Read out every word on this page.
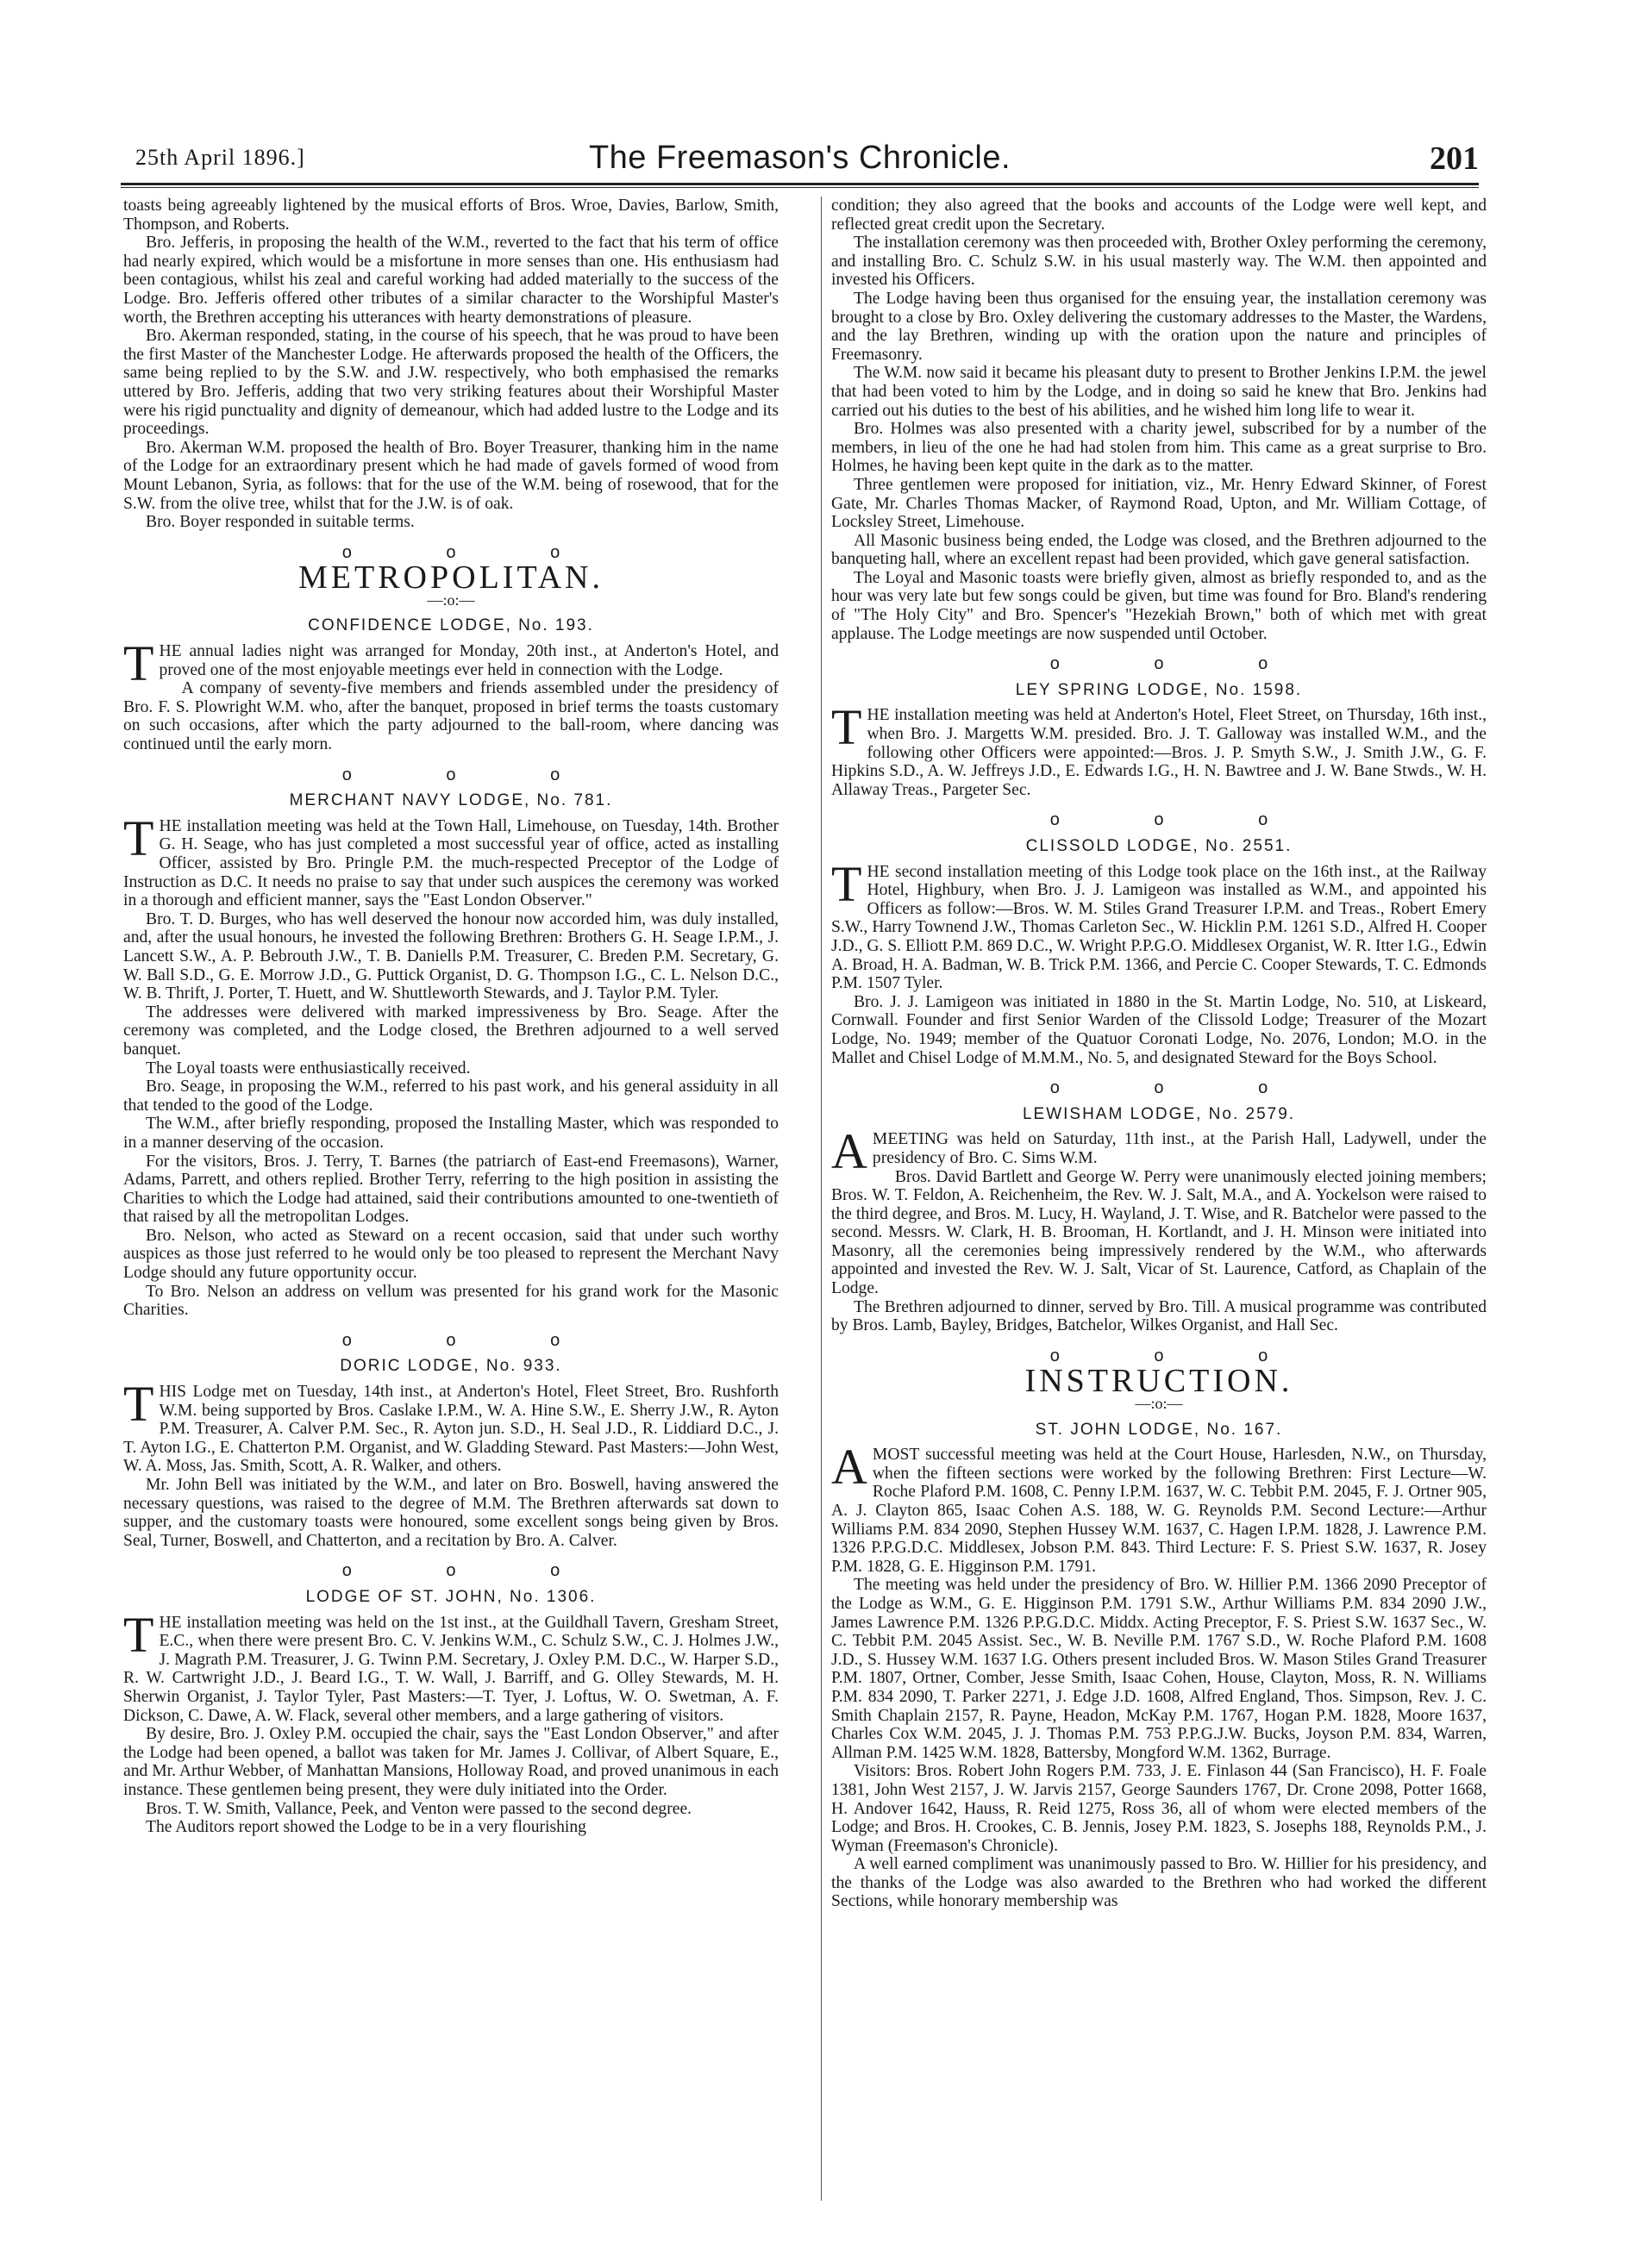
25th April 1896.]	The Freemason's Chronicle.	201

toasts being agreeably lightened by the musical efforts of Bros. Wroe, Davies, Barlow, Smith, Thompson, and Roberts.

Bro. Jefferis, in proposing the health of the W.M., reverted to the fact that his term of office had nearly expired, which would be a misfortune in more senses than one. His enthusiasm had been contagious, whilst his zeal and careful working had added materially to the success of the Lodge. Bro. Jefferis offered other tributes of a similar character to the Worshipful Master's worth, the Brethren accepting his utterances with hearty demonstrations of pleasure.

Bro. Akerman responded, stating, in the course of his speech, that he was proud to have been the first Master of the Manchester Lodge. He afterwards proposed the health of the Officers, the same being replied to by the S.W. and J.W. respectively, who both emphasised the remarks uttered by Bro. Jefferis, adding that two very striking features about their Worshipful Master were his rigid punctuality and dignity of demeanour, which had added lustre to the Lodge and its proceedings.

Bro. Akerman W.M. proposed the health of Bro. Boyer Treasurer, thanking him in the name of the Lodge for an extraordinary present which he had made of gavels formed of wood from Mount Lebanon, Syria, as follows: that for the use of the W.M. being of rosewood, that for the S.W. from the olive tree, whilst that for the J.W. is of oak.

Bro. Boyer responded in suitable terms.

o o o
METROPOLITAN.
—:o:—
CONFIDENCE LODGE, No. 193.

THE annual ladies night was arranged for Monday, 20th inst., at Anderton's Hotel, and proved one of the most enjoyable meetings ever held in connection with the Lodge.

A company of seventy-five members and friends assembled under the presidency of Bro. F. S. Plowright W.M. who, after the banquet, proposed in brief terms the toasts customary on such occasions, after which the party adjourned to the ball-room, where dancing was continued until the early morn.

o o o
MERCHANT NAVY LODGE, No. 781.

THE installation meeting was held at the Town Hall, Limehouse, on Tuesday, 14th. Brother G. H. Seage, who has just completed a most successful year of office, acted as installing Officer, assisted by Bro. Pringle P.M. the much-respected Preceptor of the Lodge of Instruction as D.C. It needs no praise to say that under such auspices the ceremony was worked in a thorough and efficient manner, says the "East London Observer."

Bro. T. D. Burges, who has well deserved the honour now accorded him, was duly installed, and, after the usual honours, he invested the following Brethren: Brothers G. H. Seage I.P.M., J. Lancett S.W., A. P. Bebrouth J.W., T. B. Daniells P.M. Treasurer, C. Breden P.M. Secretary, G. W. Ball S.D., G. E. Morrow J.D., G. Puttick Organist, D. G. Thompson I.G., C. L. Nelson D.C., W. B. Thrift, J. Porter, T. Huett, and W. Shuttleworth Stewards, and J. Taylor P.M. Tyler.

The addresses were delivered with marked impressiveness by Bro. Seage. After the ceremony was completed, and the Lodge closed, the Brethren adjourned to a well served banquet.

The Loyal toasts were enthusiastically received.

Bro. Seage, in proposing the W.M., referred to his past work, and his general assiduity in all that tended to the good of the Lodge.

The W.M., after briefly responding, proposed the Installing Master, which was responded to in a manner deserving of the occasion.

For the visitors, Bros. J. Terry, T. Barnes (the patriarch of East-end Freemasons), Warner, Adams, Parrett, and others replied. Brother Terry, referring to the high position in assisting the Charities to which the Lodge had attained, said their contributions amounted to one-twentieth of that raised by all the metropolitan Lodges.

Bro. Nelson, who acted as Steward on a recent occasion, said that under such worthy auspices as those just referred to he would only be too pleased to represent the Merchant Navy Lodge should any future opportunity occur.

To Bro. Nelson an address on vellum was presented for his grand work for the Masonic Charities.

o o o
DORIC LODGE, No. 933.

THIS Lodge met on Tuesday, 14th inst., at Anderton's Hotel, Fleet Street, Bro. Rushforth W.M. being supported by Bros. Caslake I.P.M., W. A. Hine S.W., E. Sherry J.W., R. Ayton P.M. Treasurer, A. Calver P.M. Sec., R. Ayton jun. S.D., H. Seal J.D., R. Liddiard D.C., J. T. Ayton I.G., E. Chatterton P.M. Organist, and W. Gladding Steward. Past Masters:—John West, W. A. Moss, Jas. Smith, Scott, A. R. Walker, and others.

Mr. John Bell was initiated by the W.M., and later on Bro. Boswell, having answered the necessary questions, was raised to the degree of M.M. The Brethren afterwards sat down to supper, and the customary toasts were honoured, some excellent songs being given by Bros. Seal, Turner, Boswell, and Chatterton, and a recitation by Bro. A. Calver.

o o o
LODGE OF ST. JOHN, No. 1306.

THE installation meeting was held on the 1st inst., at the Guildhall Tavern, Gresham Street, E.C., when there were present Bro. C. V. Jenkins W.M., C. Schulz S.W., C. J. Holmes J.W., J. Magrath P.M. Treasurer, J. G. Twinn P.M. Secretary, J. Oxley P.M. D.C., W. Harper S.D., R. W. Cartwright J.D., J. Beard I.G., T. W. Wall, J. Barriff, and G. Olley Stewards, M. H. Sherwin Organist, J. Taylor Tyler, Past Masters:—T. Tyer, J. Loftus, W. O. Swetman, A. F. Dickson, C. Dawe, A. W. Flack, several other members, and a large gathering of visitors.

By desire, Bro. J. Oxley P.M. occupied the chair, says the "East London Observer," and after the Lodge had been opened, a ballot was taken for Mr. James J. Collivar, of Albert Square, E., and Mr. Arthur Webber, of Manhattan Mansions, Holloway Road, and proved unanimous in each instance. These gentlemen being present, they were duly initiated into the Order.

Bros. T. W. Smith, Vallance, Peek, and Venton were passed to the second degree.

The Auditors report showed the Lodge to be in a very flourishing

condition; they also agreed that the books and accounts of the Lodge were well kept, and reflected great credit upon the Secretary.

The installation ceremony was then proceeded with, Brother Oxley performing the ceremony, and installing Bro. C. Schulz S.W. in his usual masterly way. The W.M. then appointed and invested his Officers.

The Lodge having been thus organised for the ensuing year, the installation ceremony was brought to a close by Bro. Oxley delivering the customary addresses to the Master, the Wardens, and the lay Brethren, winding up with the oration upon the nature and principles of Freemasonry.

The W.M. now said it became his pleasant duty to present to Brother Jenkins I.P.M. the jewel that had been voted to him by the Lodge, and in doing so said he knew that Bro. Jenkins had carried out his duties to the best of his abilities, and he wished him long life to wear it.

Bro. Holmes was also presented with a charity jewel, subscribed for by a number of the members, in lieu of the one he had had stolen from him. This came as a great surprise to Bro. Holmes, he having been kept quite in the dark as to the matter.

Three gentlemen were proposed for initiation, viz., Mr. Henry Edward Skinner, of Forest Gate, Mr. Charles Thomas Macker, of Raymond Road, Upton, and Mr. William Cottage, of Locksley Street, Limehouse.

All Masonic business being ended, the Lodge was closed, and the Brethren adjourned to the banqueting hall, where an excellent repast had been provided, which gave general satisfaction.

The Loyal and Masonic toasts were briefly given, almost as briefly responded to, and as the hour was very late but few songs could be given, but time was found for Bro. Bland's rendering of "The Holy City" and Bro. Spencer's "Hezekiah Brown," both of which met with great applause. The Lodge meetings are now suspended until October.

o o o
LEY SPRING LODGE, No. 1598.

THE installation meeting was held at Anderton's Hotel, Fleet Street, on Thursday, 16th inst., when Bro. J. Margetts W.M. presided. Bro. J. T. Galloway was installed W.M., and the following other Officers were appointed:—Bros. J. P. Smyth S.W., J. Smith J.W., G. F. Hipkins S.D., A. W. Jeffreys J.D., E. Edwards I.G., H. N. Bawtree and J. W. Bane Stwds., W. H. Allaway Treas., Pargeter Sec.

o o o
CLISSOLD LODGE, No. 2551.

THE second installation meeting of this Lodge took place on the 16th inst., at the Railway Hotel, Highbury, when Bro. J. J. Lamigeon was installed as W.M., and appointed his Officers as follow:—Bros. W. M. Stiles Grand Treasurer I.P.M. and Treas., Robert Emery S.W., Harry Townend J.W., Thomas Carleton Sec., W. Hicklin P.M. 1261 S.D., Alfred H. Cooper J.D., G. S. Elliott P.M. 869 D.C., W. Wright P.P.G.O. Middlesex Organist, W. R. Itter I.G., Edwin A. Broad, H. A. Badman, W. B. Trick P.M. 1366, and Percie C. Cooper Stewards, T. C. Edmonds P.M. 1507 Tyler.

Bro. J. J. Lamigeon was initiated in 1880 in the St. Martin Lodge, No. 510, at Liskeard, Cornwall. Founder and first Senior Warden of the Clissold Lodge; Treasurer of the Mozart Lodge, No. 1949; member of the Quatuor Coronati Lodge, No. 2076, London; M.O. in the Mallet and Chisel Lodge of M.M.M., No. 5, and designated Steward for the Boys School.

o o o
LEWISHAM LODGE, No. 2579.

AMEETING was held on Saturday, 11th inst., at the Parish Hall, Ladywell, under the presidency of Bro. C. Sims W.M.

Bros. David Bartlett and George W. Perry were unanimously elected joining members; Bros. W. T. Feldon, A. Reichenheim, the Rev. W. J. Salt, M.A., and A. Yockelson were raised to the third degree, and Bros. M. Lucy, H. Wayland, J. T. Wise, and R. Batchelor were passed to the second. Messrs. W. Clark, H. B. Brooman, H. Kortlandt, and J. H. Minson were initiated into Masonry, all the ceremonies being impressively rendered by the W.M., who afterwards appointed and invested the Rev. W. J. Salt, Vicar of St. Laurence, Catford, as Chaplain of the Lodge.

The Brethren adjourned to dinner, served by Bro. Till. A musical programme was contributed by Bros. Lamb, Bayley, Bridges, Batchelor, Wilkes Organist, and Hall Sec.

o o o
INSTRUCTION.
—:o:—
ST. JOHN LODGE, No. 167.

AMOST successful meeting was held at the Court House, Harlesden, N.W., on Thursday, when the fifteen sections were worked by the following Brethren: First Lecture—W. Roche Plaford P.M. 1608, C. Penny I.P.M. 1637, W. C. Tebbit P.M. 2045, F. J. Ortner 905, A. J. Clayton 865, Isaac Cohen A.S. 188, W. G. Reynolds P.M. Second Lecture:—Arthur Williams P.M. 834 2090, Stephen Hussey W.M. 1637, C. Hagen I.P.M. 1828, J. Lawrence P.M. 1326 P.P.G.D.C. Middlesex, Jobson P.M. 843. Third Lecture: F. S. Priest S.W. 1637, R. Josey P.M. 1828, G. E. Higginson P.M. 1791.

The meeting was held under the presidency of Bro. W. Hillier P.M. 1366 2090 Preceptor of the Lodge as W.M., G. E. Higginson P.M. 1791 S.W., Arthur Williams P.M. 834 2090 J.W., James Lawrence P.M. 1326 P.P.G.D.C. Middx. Acting Preceptor, F. S. Priest S.W. 1637 Sec., W. C. Tebbit P.M. 2045 Assist. Sec., W. B. Neville P.M. 1767 S.D., W. Roche Plaford P.M. 1608 J.D., S. Hussey W.M. 1637 I.G. Others present included Bros. W. Mason Stiles Grand Treasurer P.M. 1807, Ortner, Comber, Jesse Smith, Isaac Cohen, House, Clayton, Moss, R. N. Williams P.M. 834 2090, T. Parker 2271, J. Edge J.D. 1608, Alfred England, Thos. Simpson, Rev. J. C. Smith Chaplain 2157, R. Payne, Headon, McKay P.M. 1767, Hogan P.M. 1828, Moore 1637, Charles Cox W.M. 2045, J. J. Thomas P.M. 753 P.P.G.J.W. Bucks, Joyson P.M. 834, Warren, Allman P.M. 1425 W.M. 1828, Battersby, Mongford W.M. 1362, Burrage.

Visitors: Bros. Robert John Rogers P.M. 733, J. E. Finlason 44 (San Francisco), H. F. Foale 1381, John West 2157, J. W. Jarvis 2157, George Saunders 1767, Dr. Crone 2098, Potter 1668, H. Andover 1642, Hauss, R. Reid 1275, Ross 36, all of whom were elected members of the Lodge; and Bros. H. Crookes, C. B. Jennis, Josey P.M. 1823, S. Josephs 188, Reynolds P.M., J. Wyman (Freemason's Chronicle).

A well earned compliment was unanimously passed to Bro. W. Hillier for his presidency, and the thanks of the Lodge was also awarded to the Brethren who had worked the different Sections, while honorary membership was
